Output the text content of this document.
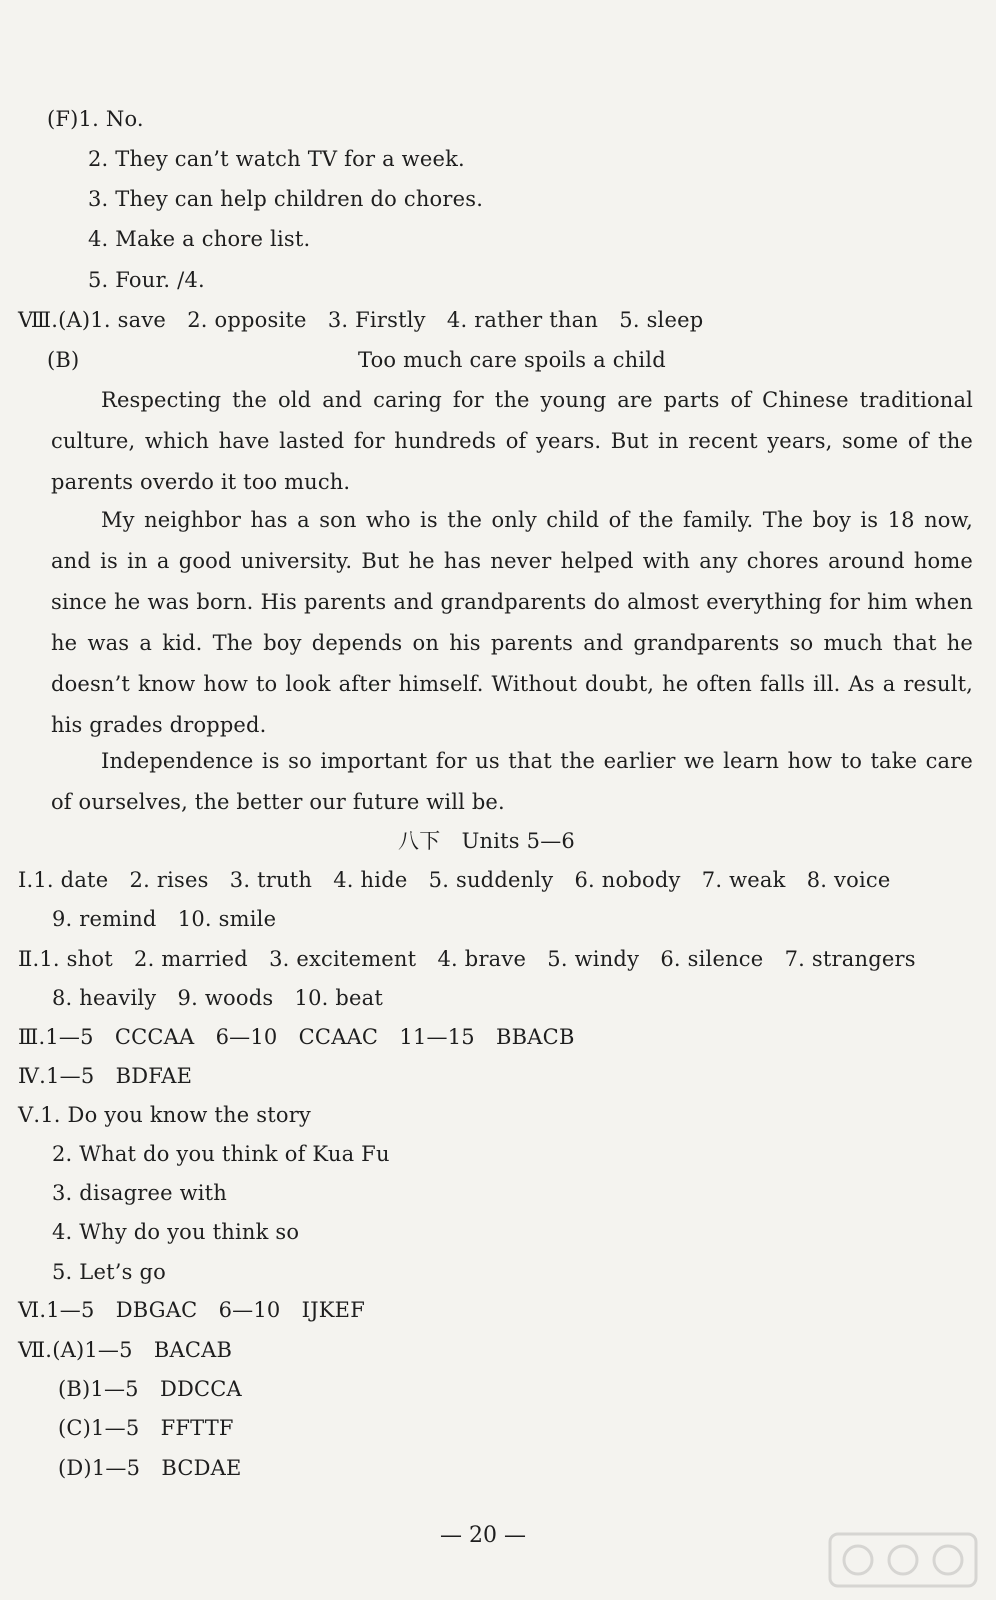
(F)1. No.
2. They can’t watch TV for a week.
3. They can help children do chores.
4. Make a chore list.
5. Four. /4.
Ⅷ.(A)1. save　2. opposite　3. Firstly　4. rather than　5. sleep
(B)	Too much care spoils a child
Respecting the old and caring for the young are parts of Chinese traditional culture, which have lasted for hundreds of years. But in recent years, some of the parents overdo it too much.
My neighbor has a son who is the only child of the family. The boy is 18 now, and is in a good university. But he has never helped with any chores around home since he was born. His parents and grandparents do almost everything for him when he was a kid. The boy depends on his parents and grandparents so much that he doesn’t know how to look after himself. Without doubt, he often falls ill. As a result, his grades dropped.
Independence is so important for us that the earlier we learn how to take care of ourselves, the better our future will be.
八下　Units 5—6
Ⅰ.1. date　2. rises　3. truth　4. hide　5. suddenly　6. nobody　7. weak　8. voice
9. remind　10. smile
Ⅱ.1. shot　2. married　3. excitement　4. brave　5. windy　6. silence　7. strangers
8. heavily　9. woods　10. beat
Ⅲ.1—5　CCCAA　6—10　CCAAC　11—15　BBACB
Ⅳ.1—5　BDFAE
Ⅴ.1. Do you know the story
2. What do you think of Kua Fu
3. disagree with
4. Why do you think so
5. Let’s go
Ⅵ.1—5　DBGAC　6—10　IJKEF
Ⅶ.(A)1—5　BACAB
(B)1—5　DDCCA
(C)1—5　FFTTF
(D)1—5　BCDAE
— 20 —
